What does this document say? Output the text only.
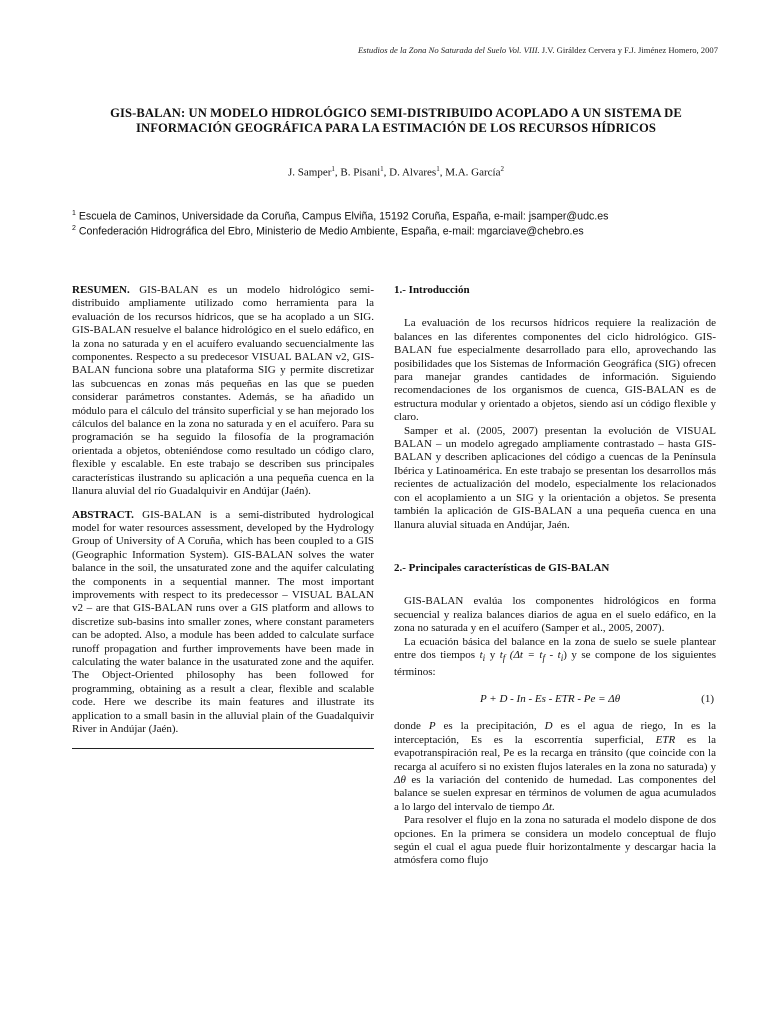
Estudios de la Zona No Saturada del Suelo Vol. VIII. J.V. Giráldez Cervera y F.J. Jiménez Homero, 2007
GIS-BALAN: UN MODELO HIDROLÓGICO SEMI-DISTRIBUIDO ACOPLADO A UN SISTEMA DE
INFORMACIÓN GEOGRÁFICA PARA LA ESTIMACIÓN DE LOS RECURSOS HÍDRICOS
J. Samper$^1$, B. Pisani$^1$, D. Alvares$^1$, M.A. García$^2$
$^1$ Escuela de Caminos, Universidade da Coruña, Campus Elviña, 15192 Coruña, España, e-mail: jsamper@udc.es
$^2$ Confederación Hidrográfica del Ebro, Ministerio de Medio Ambiente, España, e-mail: mgarciave@chebro.es

RESUMEN. GIS-BALAN es un modelo hidrológico semi-distribuido ampliamente utilizado como herramienta para la evaluación de los recursos hídricos, que se ha acoplado a un SIG. GIS-BALAN resuelve el balance hidrológico en el suelo edáfico, en la zona no saturada y en el acuífero evaluando secuencialmente las componentes. Respecto a su predecesor VISUAL BALAN v2, GIS-BALAN funciona sobre una plataforma SIG y permite discretizar las subcuencas en zonas más pequeñas en las que se pueden considerar parámetros constantes. Además, se ha añadido un módulo para el cálculo del tránsito superficial y se han mejorado los cálculos del balance en la zona no saturada y en el acuífero. Para su programación se ha seguido la filosofía de la programación orientada a objetos, obteniéndose como resultado un código claro, flexible y escalable. En este trabajo se describen sus principales características ilustrando su aplicación a una pequeña cuenca en la llanura aluvial del río Guadalquivir en Andújar (Jaén).

ABSTRACT. GIS-BALAN is a semi-distributed hydrological model for water resources assessment, developed by the Hydrology Group of University of A Coruña, which has been coupled to a GIS (Geographic Information System). GIS-BALAN solves the water balance in the soil, the unsaturated zone and the aquifer calculating the components in a sequential manner. The most important improvements with respect to its predecessor – VISUAL BALAN v2 – are that GIS-BALAN runs over a GIS platform and allows to discretize sub-basins into smaller zones, where constant parameters can be adopted. Also, a module has been added to calculate surface runoff propagation and further improvements have been made in calculating the water balance in the usaturated zone and the aquifer. The Object-Oriented philosophy has been followed for programming, obtaining as a result a clear, flexible and scalable code. Here we describe its main features and illustrate its application to a small basin in the alluvial plain of the Guadalquivir River in Andújar (Jaén).

1.- Introducción

La evaluación de los recursos hídricos requiere la realización de balances en las diferentes componentes del ciclo hidrológico. GIS-BALAN fue especialmente desarrollado para ello, aprovechando las posibilidades que los Sistemas de Información Geográfica (SIG) ofrecen para manejar grandes cantidades de información. Siguiendo recomendaciones de los organismos de cuenca, GIS-BALAN es de estructura modular y orientado a objetos, siendo así un código flexible y claro.

Samper et al. (2005, 2007) presentan la evolución de VISUAL BALAN – un modelo agregado ampliamente contrastado – hasta GIS-BALAN y describen aplicaciones del código a cuencas de la Península Ibérica y Latinoamérica. En este trabajo se presentan los desarrollos más recientes de actualización del modelo, especialmente los relacionados con el acoplamiento a un SIG y la orientación a objetos. Se presenta también la aplicación de GIS-BALAN a una pequeña cuenca en una llanura aluvial situada en Andújar, Jaén.

2.- Principales características de GIS-BALAN

GIS-BALAN evalúa los componentes hidrológicos en forma secuencial y realiza balances diarios de agua en el suelo edáfico, en la zona no saturada y en el acuífero (Samper et al., 2005, 2007).

La ecuación básica del balance en la zona de suelo se suele plantear entre dos tiempos $t_i$ y $t_f$ $(\Delta t = t_f - t_i)$ y se compone de los siguientes términos:

P + D - In - Es - ETR - Pe = Δθ	(1)

donde P es la precipitación, D es el agua de riego, In es la interceptación, Es es la escorrentía superficial, ETR es la evapotranspiración real, Pe es la recarga en tránsito (que coincide con la recarga al acuífero si no existen flujos laterales en la zona no saturada) y Δθ es la variación del contenido de humedad. Las componentes del balance se suelen expresar en términos de volumen de agua acumulados a lo largo del intervalo de tiempo Δt.

Para resolver el flujo en la zona no saturada el modelo dispone de dos opciones. En la primera se considera un modelo conceptual de flujo según el cual el agua puede fluir horizontalmente y descargar hacia la atmósfera como flujo
